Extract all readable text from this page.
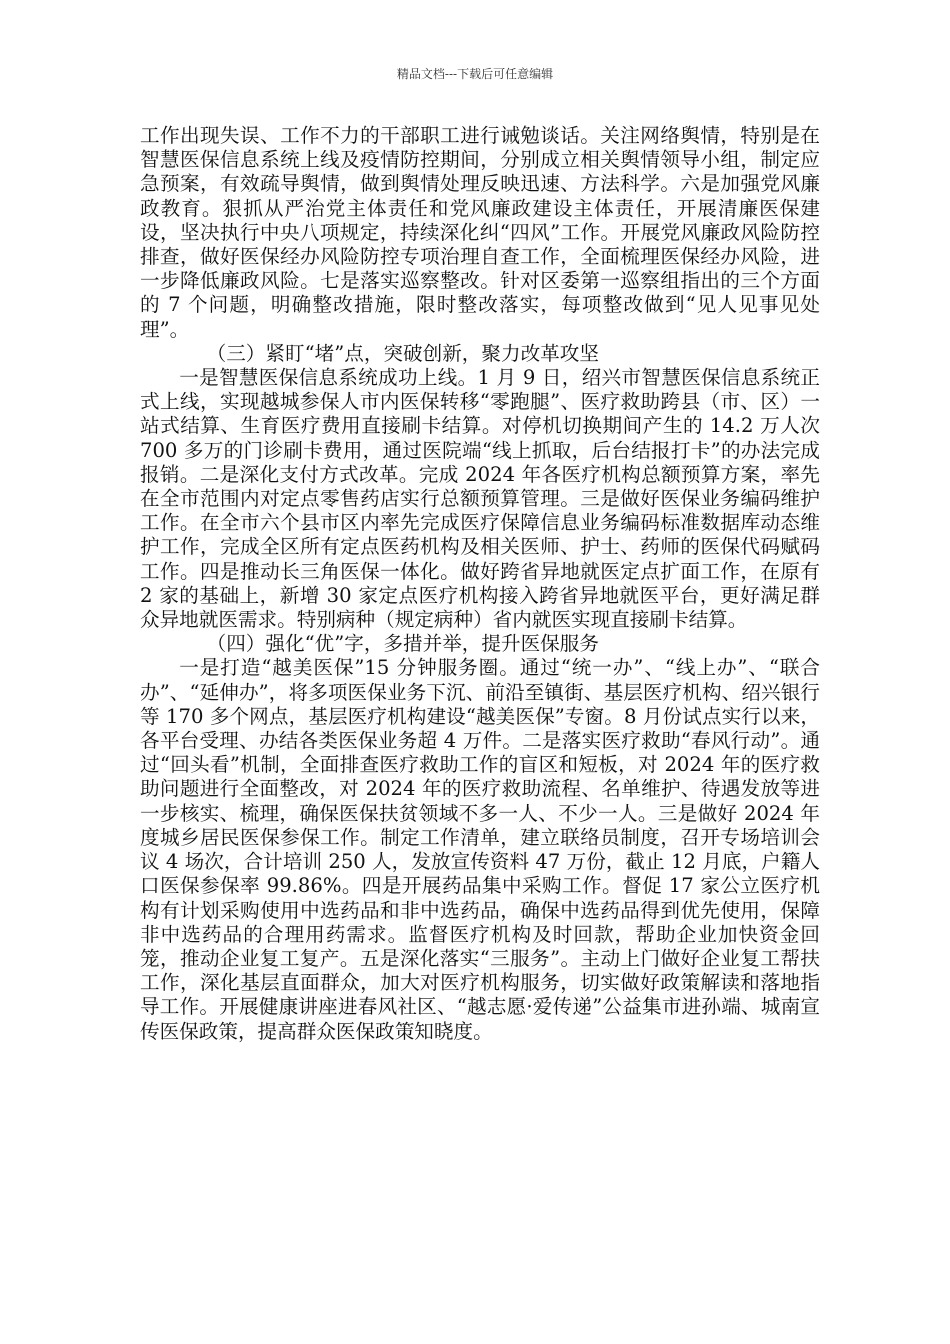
精品文档---下载后可任意编辑

工作出现失误、工作不力的干部职工进行诫勉谈话。关注网络舆情，特别是在智慧医保信息系统上线及疫情防控期间，分别成立相关舆情领导小组，制定应急预案，有效疏导舆情，做到舆情处理反映迅速、方法科学。六是加强党风廉政教育。狠抓从严治党主体责任和党风廉政建设主体责任，开展清廉医保建设，坚决执行中央八项规定，持续深化纠“四风”工作。开展党风廉政风险防控排查，做好医保经办风险防控专项治理自查工作，全面梳理医保经办风险，进一步降低廉政风险。七是落实巡察整改。针对区委第一巡察组指出的三个方面的 7 个问题，明确整改措施，限时整改落实，每项整改做到“见人见事见处理”。

（三）紧盯“堵”点，突破创新，聚力改革攻坚

一是智慧医保信息系统成功上线。1 月 9 日，绍兴市智慧医保信息系统正式上线，实现越城参保人市内医保转移“零跑腿”、医疗救助跨县（市、区）一站式结算、生育医疗费用直接刷卡结算。对停机切换期间产生的 14.2 万人次 700 多万的门诊刷卡费用，通过医院端“线上抓取，后台结报打卡”的办法完成报销。二是深化支付方式改革。完成 2024 年各医疗机构总额预算方案，率先在全市范围内对定点零售药店实行总额预算管理。三是做好医保业务编码维护工作。在全市六个县市区内率先完成医疗保障信息业务编码标准数据库动态维护工作，完成全区所有定点医药机构及相关医师、护士、药师的医保代码赋码工作。四是推动长三角医保一体化。做好跨省异地就医定点扩面工作，在原有 2 家的基础上，新增 30 家定点医疗机构接入跨省异地就医平台，更好满足群众异地就医需求。特别病种（规定病种）省内就医实现直接刷卡结算。

（四）强化“优”字，多措并举，提升医保服务

一是打造“越美医保”15 分钟服务圈。通过“统一办”、“线上办”、“联合办”、“延伸办”，将多项医保业务下沉、前沿至镇街、基层医疗机构、绍兴银行等 170 多个网点，基层医疗机构建设“越美医保”专窗。8 月份试点实行以来，各平台受理、办结各类医保业务超 4 万件。二是落实医疗救助“春风行动”。通过“回头看”机制，全面排查医疗救助工作的盲区和短板，对 2024 年的医疗救助问题进行全面整改，对 2024 年的医疗救助流程、名单维护、待遇发放等进一步核实、梳理，确保医保扶贫领域不多一人、不少一人。三是做好 2024 年度城乡居民医保参保工作。制定工作清单，建立联络员制度，召开专场培训会议 4 场次，合计培训 250 人，发放宣传资料 47 万份，截止 12 月底，户籍人口医保参保率 99.86%。四是开展药品集中采购工作。督促 17 家公立医疗机构有计划采购使用中选药品和非中选药品，确保中选药品得到优先使用，保障非中选药品的合理用药需求。监督医疗机构及时回款，帮助企业加快资金回笼，推动企业复工复产。五是深化落实“三服务”。主动上门做好企业复工帮扶工作，深化基层直面群众，加大对医疗机构服务，切实做好政策解读和落地指导工作。开展健康讲座进春风社区、“越志愿·爱传递”公益集市进孙端、城南宣传医保政策，提高群众医保政策知晓度。
